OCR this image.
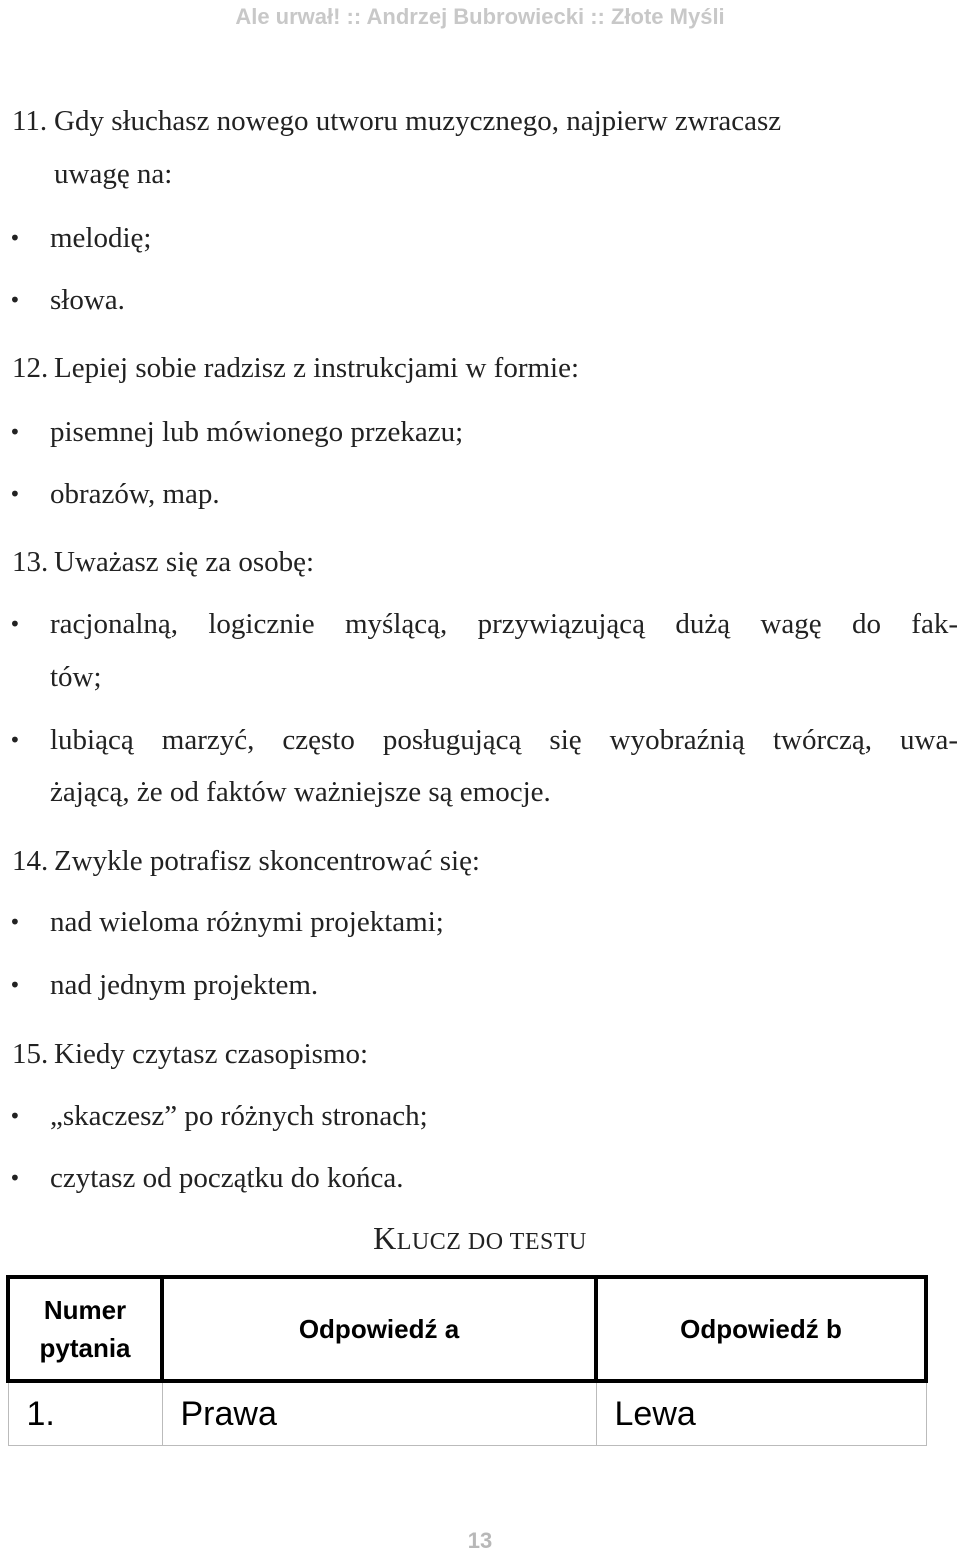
Ale urwał! :: Andrzej Bubrowiecki :: Złote Myśli
11. Gdy słuchasz nowego utworu muzycznego, najpierw zwracasz
uwagę na:
• melodię;
• słowa.
12. Lepiej sobie radzisz z instrukcjami w formie:
• pisemnej lub mówionego przekazu;
• obrazów, map.
13. Uważasz się za osobę:
• racjonalną, logicznie myślącą, przywiązującą dużą wagę do fak-
tów;
• lubiącą marzyć, często posługującą się wyobraźnią twórczą, uwa-
żającą, że od faktów ważniejsze są emocje.
14. Zwykle potrafisz skoncentrować się:
• nad wieloma różnymi projektami;
• nad jednym projektem.
15. Kiedy czytasz czasopismo:
• „skaczesz” po różnych stronach;
• czytasz od początku do końca.
KLUCZ DO TESTU
Numer pytania	Odpowiedź a	Odpowiedź b
1.	Prawa	Lewa
13
